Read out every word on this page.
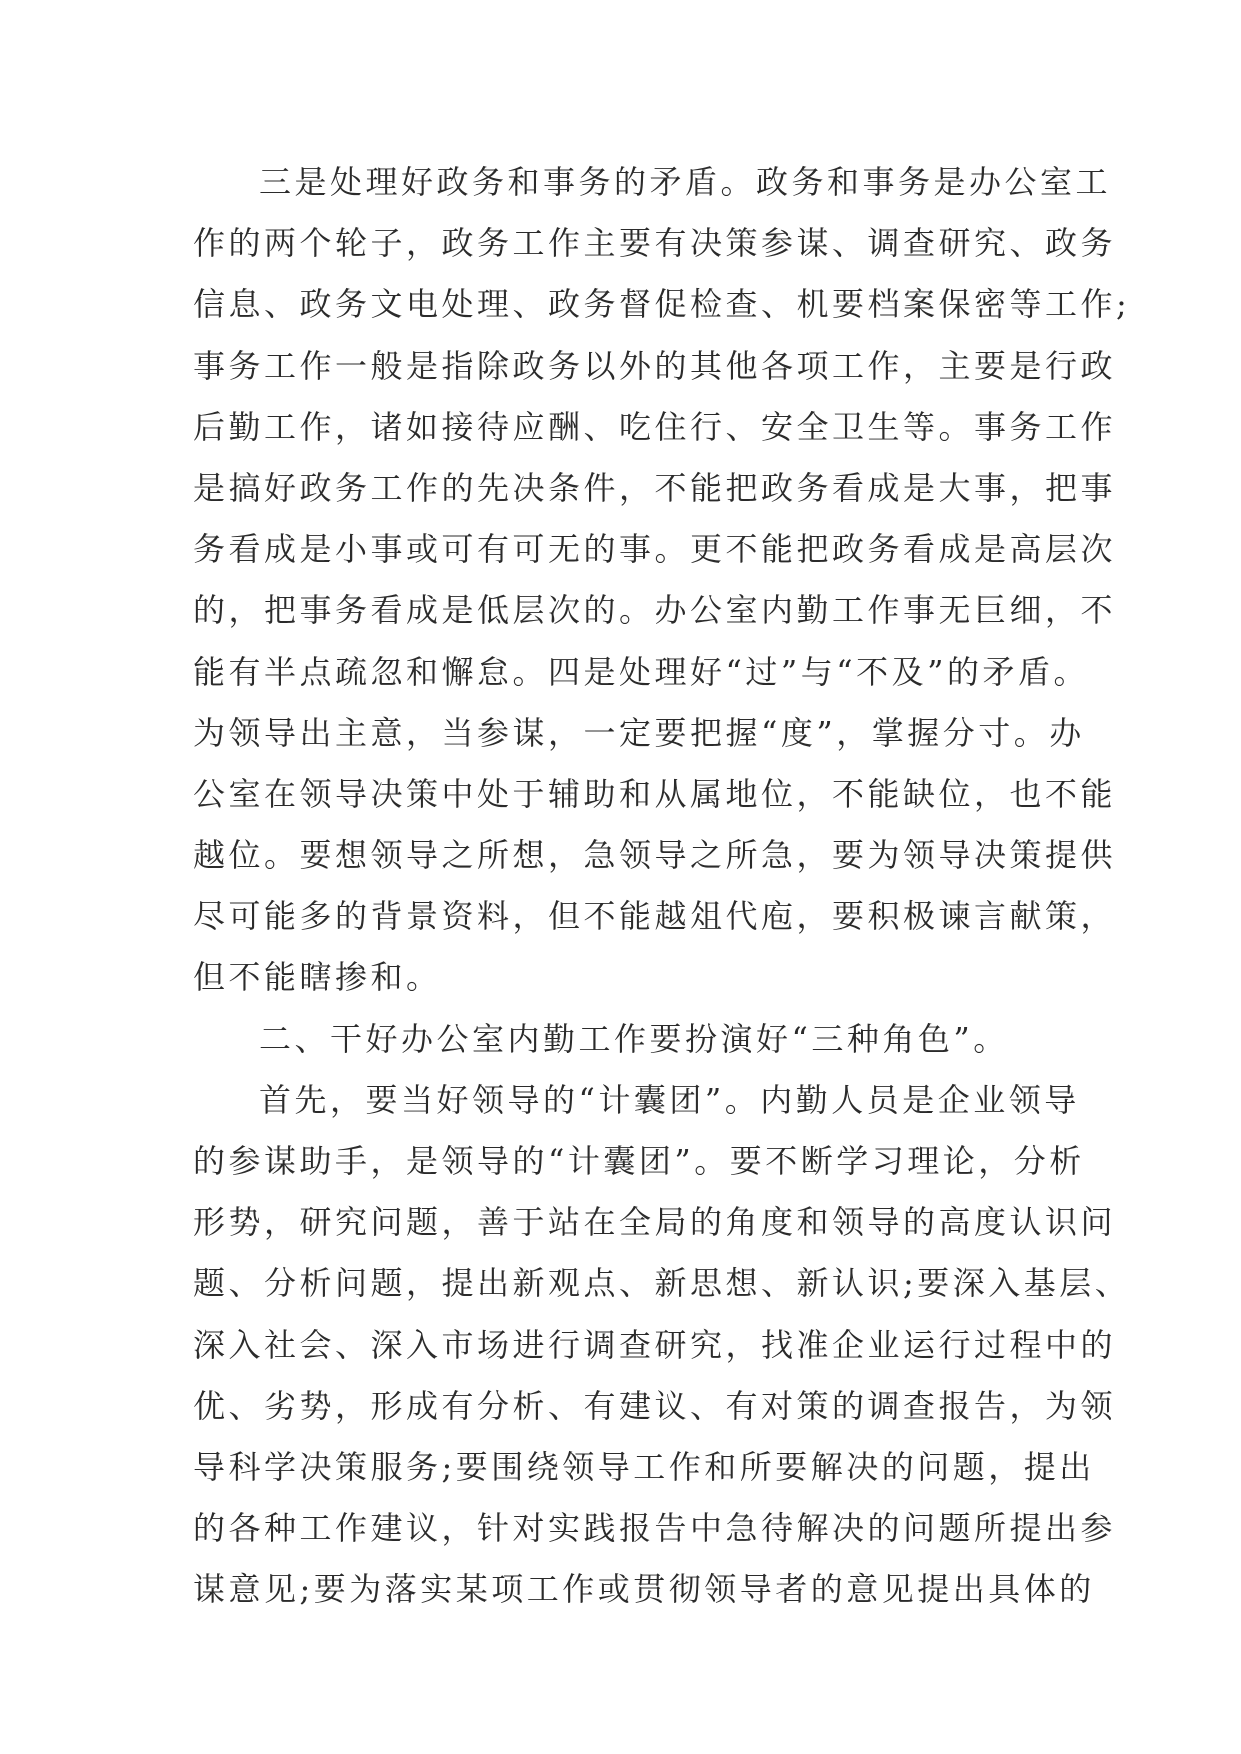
三是处理好政务和事务的矛盾。政务和事务是办公室工
作的两个轮子，政务工作主要有决策参谋、调查研究、政务
信息、政务文电处理、政务督促检查、机要档案保密等工作;
事务工作一般是指除政务以外的其他各项工作，主要是行政
后勤工作，诸如接待应酬、吃住行、安全卫生等。事务工作
是搞好政务工作的先决条件，不能把政务看成是大事，把事
务看成是小事或可有可无的事。更不能把政务看成是高层次
的，把事务看成是低层次的。办公室内勤工作事无巨细，不
能有半点疏忽和懈怠。四是处理好“过”与“不及”的矛盾。
为领导出主意，当参谋，一定要把握“度”，掌握分寸。办
公室在领导决策中处于辅助和从属地位，不能缺位，也不能
越位。要想领导之所想，急领导之所急，要为领导决策提供
尽可能多的背景资料，但不能越俎代庖，要积极谏言献策，
但不能瞎掺和。
二、干好办公室内勤工作要扮演好“三种角色”。
首先，要当好领导的“计囊团”。内勤人员是企业领导
的参谋助手，是领导的“计囊团”。要不断学习理论，分析
形势，研究问题，善于站在全局的角度和领导的高度认识问
题、分析问题，提出新观点、新思想、新认识;要深入基层、
深入社会、深入市场进行调查研究，找准企业运行过程中的
优、劣势，形成有分析、有建议、有对策的调查报告，为领
导科学决策服务;要围绕领导工作和所要解决的问题，提出
的各种工作建议，针对实践报告中急待解决的问题所提出参
谋意见;要为落实某项工作或贯彻领导者的意见提出具体的
